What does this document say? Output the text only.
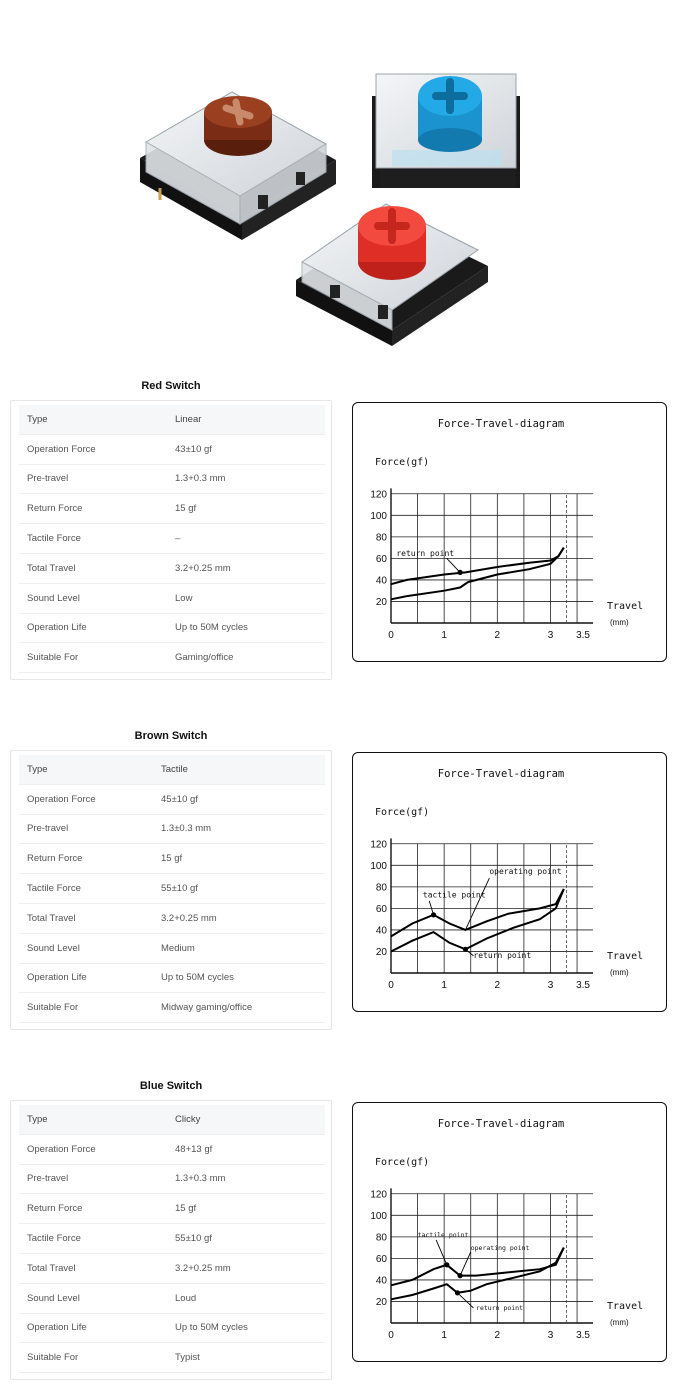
Red Switch
Type	Linear
Operation Force	43±10 gf
Pre-travel	1.3+0.3 mm
Return Force	15 gf
Tactile Force	–
Total Travel	3.2+0.25 mm
Sound Level	Low
Operation Life	Up to 50M cycles
Suitable For	Gaming/office
Force-Travel-diagram
Force(gf)
120
100
80
60
40
20
0	1	2	3 3.5
Travel
(mm)
return point
Brown Switch
Type	Tactile
Operation Force	45±10 gf
Pre-travel	1.3±0.3 mm
Return Force	15 gf
Tactile Force	55±10 gf
Total Travel	3.2+0.25 mm
Sound Level	Medium
Operation Life	Up to 50M cycles
Suitable For	Midway gaming/office
Force-Travel-diagram
Force(gf)
120
100
80
60
40
20
0	1	2	3 3.5
Travel
(mm)
tactile point
operating point
return point
Blue Switch
Type	Clicky
Operation Force	48+13 gf
Pre-travel	1.3+0.3 mm
Return Force	15 gf
Tactile Force	55±10 gf
Total Travel	3.2+0.25 mm
Sound Level	Loud
Operation Life	Up to 50M cycles
Suitable For	Typist
Force-Travel-diagram
Force(gf)
120
100
80
60
40
20
0	1	2	3 3.5
Travel
(mm)
tactile point
operating point
return point
